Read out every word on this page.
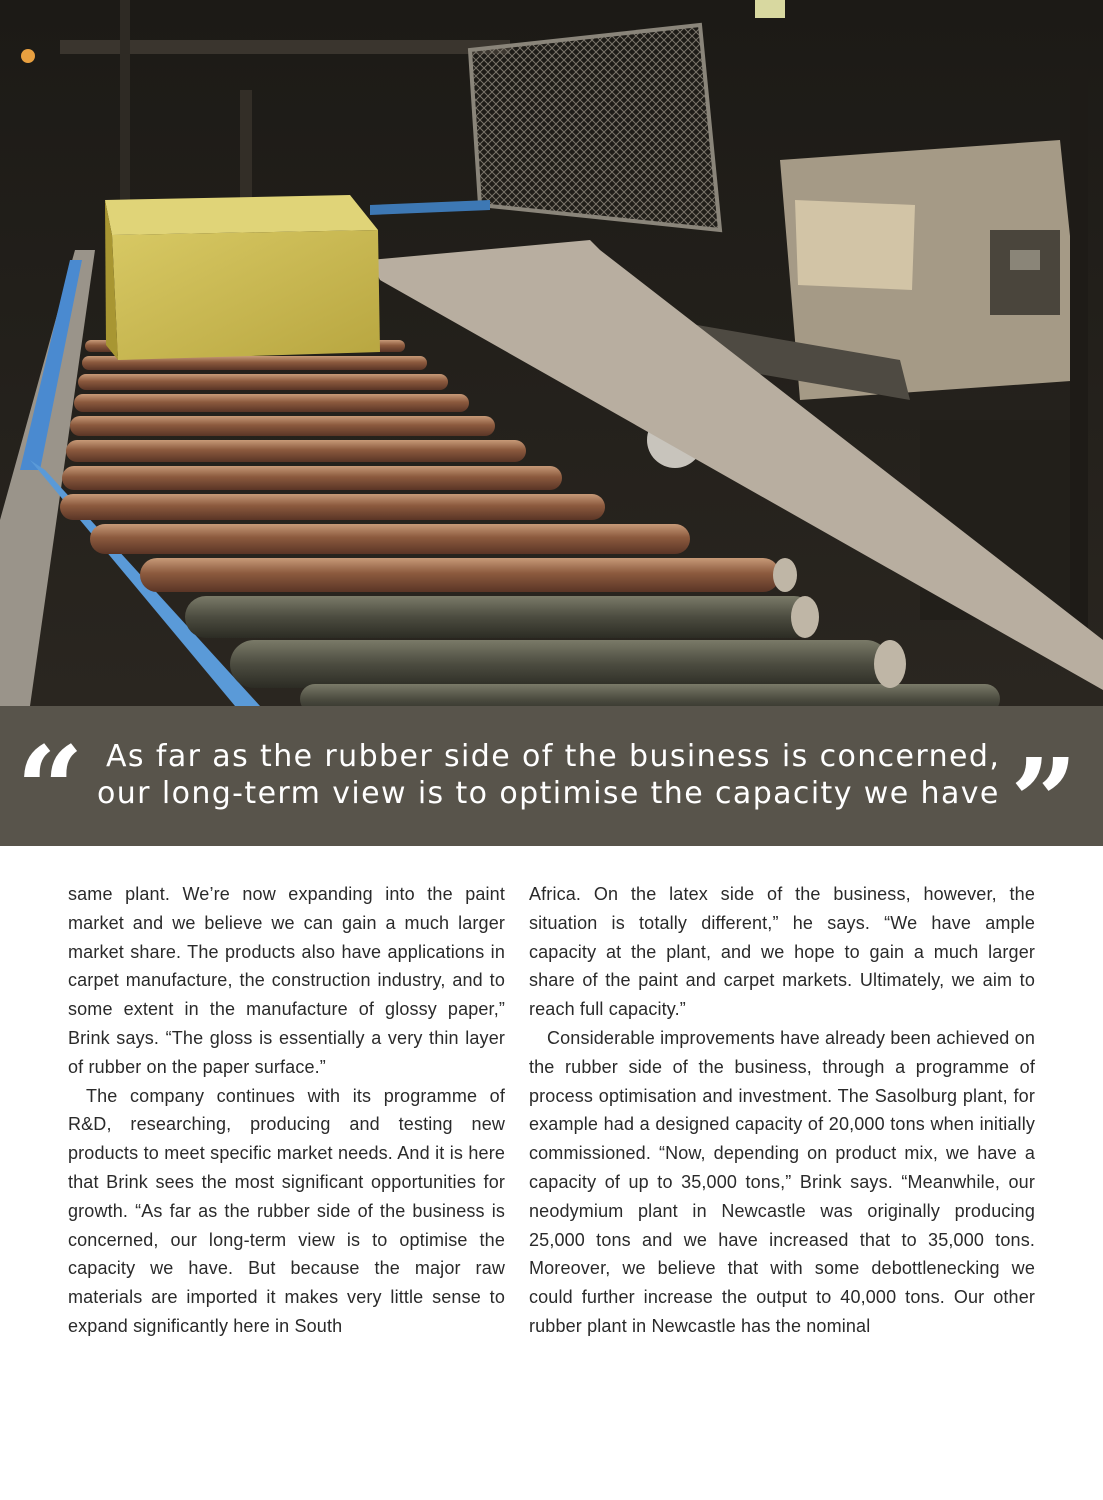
“ As far as the rubber side of the business is concerned,
our long-term view is to optimise the capacity we have ”

same plant. We’re now expanding into the paint market and we believe we can gain a much larger market share. The products also have applications in carpet manufacture, the construction industry, and to some extent in the manufacture of glossy paper,” Brink says. “The gloss is essentially a very thin layer of rubber on the paper surface.”

The company continues with its programme of R&D, researching, producing and testing new products to meet specific market needs. And it is here that Brink sees the most significant opportunities for growth. “As far as the rubber side of the business is concerned, our long-term view is to optimise the capacity we have. But because the major raw materials are imported it makes very little sense to expand significantly here in South

Africa. On the latex side of the business, however, the situation is totally different,” he says. “We have ample capacity at the plant, and we hope to gain a much larger share of the paint and carpet markets. Ultimately, we aim to reach full capacity.”

Considerable improvements have already been achieved on the rubber side of the business, through a programme of process optimisation and investment. The Sasolburg plant, for example had a designed capacity of 20,000 tons when initially commissioned. “Now, depending on product mix, we have a capacity of up to 35,000 tons,” Brink says. “Meanwhile, our neodymium plant in Newcastle was originally producing 25,000 tons and we have increased that to 35,000 tons. Moreover, we believe that with some debottlenecking we could further increase the output to 40,000 tons. Our other rubber plant in Newcastle has the nominal
